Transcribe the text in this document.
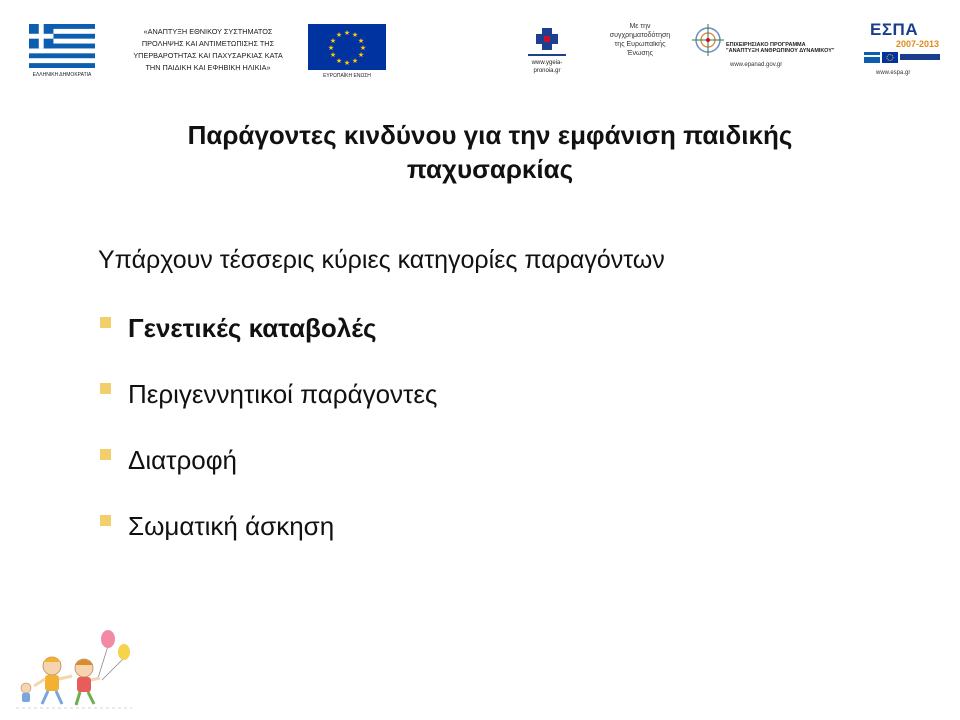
ΕΛΛΗΝΙΚΗ ΔΗΜΟΚΡΑΤΙΑ
«ΑΝΑΠΤΥΞΗ ΕΘΝΙΚΟΥ ΣΥΣΤΗΜΑΤΟΣ
ΠΡΟΛΗΨΗΣ ΚΑΙ ΑΝΤΙΜΕΤΩΠΙΣΗΣ ΤΗΣ
ΥΠΕΡΒΑΡΟΤΗΤΑΣ ΚΑΙ ΠΑΧΥΣΑΡΚΙΑΣ ΚΑΤΑ
ΤΗΝ ΠΑΙΔΙΚΗ ΚΑΙ ΕΦΗΒΙΚΗ ΗΛΙΚΙΑ»
★ ★
★
★
★
★
★
★
★
★
★
★
ΕΥΡΩΠΑΪΚΗ ΕΝΩΣΗ
www.ygeia-
pronoia.gr
Με την
συγχρηματοδότηση
της Ευρωπαϊκής
Ένωσης
ΕΠΙΧΕΙΡΗΣΙΑΚΟ ΠΡΟΓΡΑΜΜΑ
"ΑΝΑΠΤΥΞΗ ΑΝΘΡΩΠΙΝΟΥ ΔΥΝΑΜΙΚΟΥ"
www.epanad.gov.gr
ΕΣΠΑ
2007-2013
www.espa.gr
Παράγοντες κινδύνου για την εμφάνιση παιδικής
παχυσαρκίας
Υπάρχουν τέσσερις κύριες κατηγορίες παραγόντων
Γενετικές καταβολές
Περιγεννητικοί παράγοντες
Διατροφή
Σωματική άσκηση
